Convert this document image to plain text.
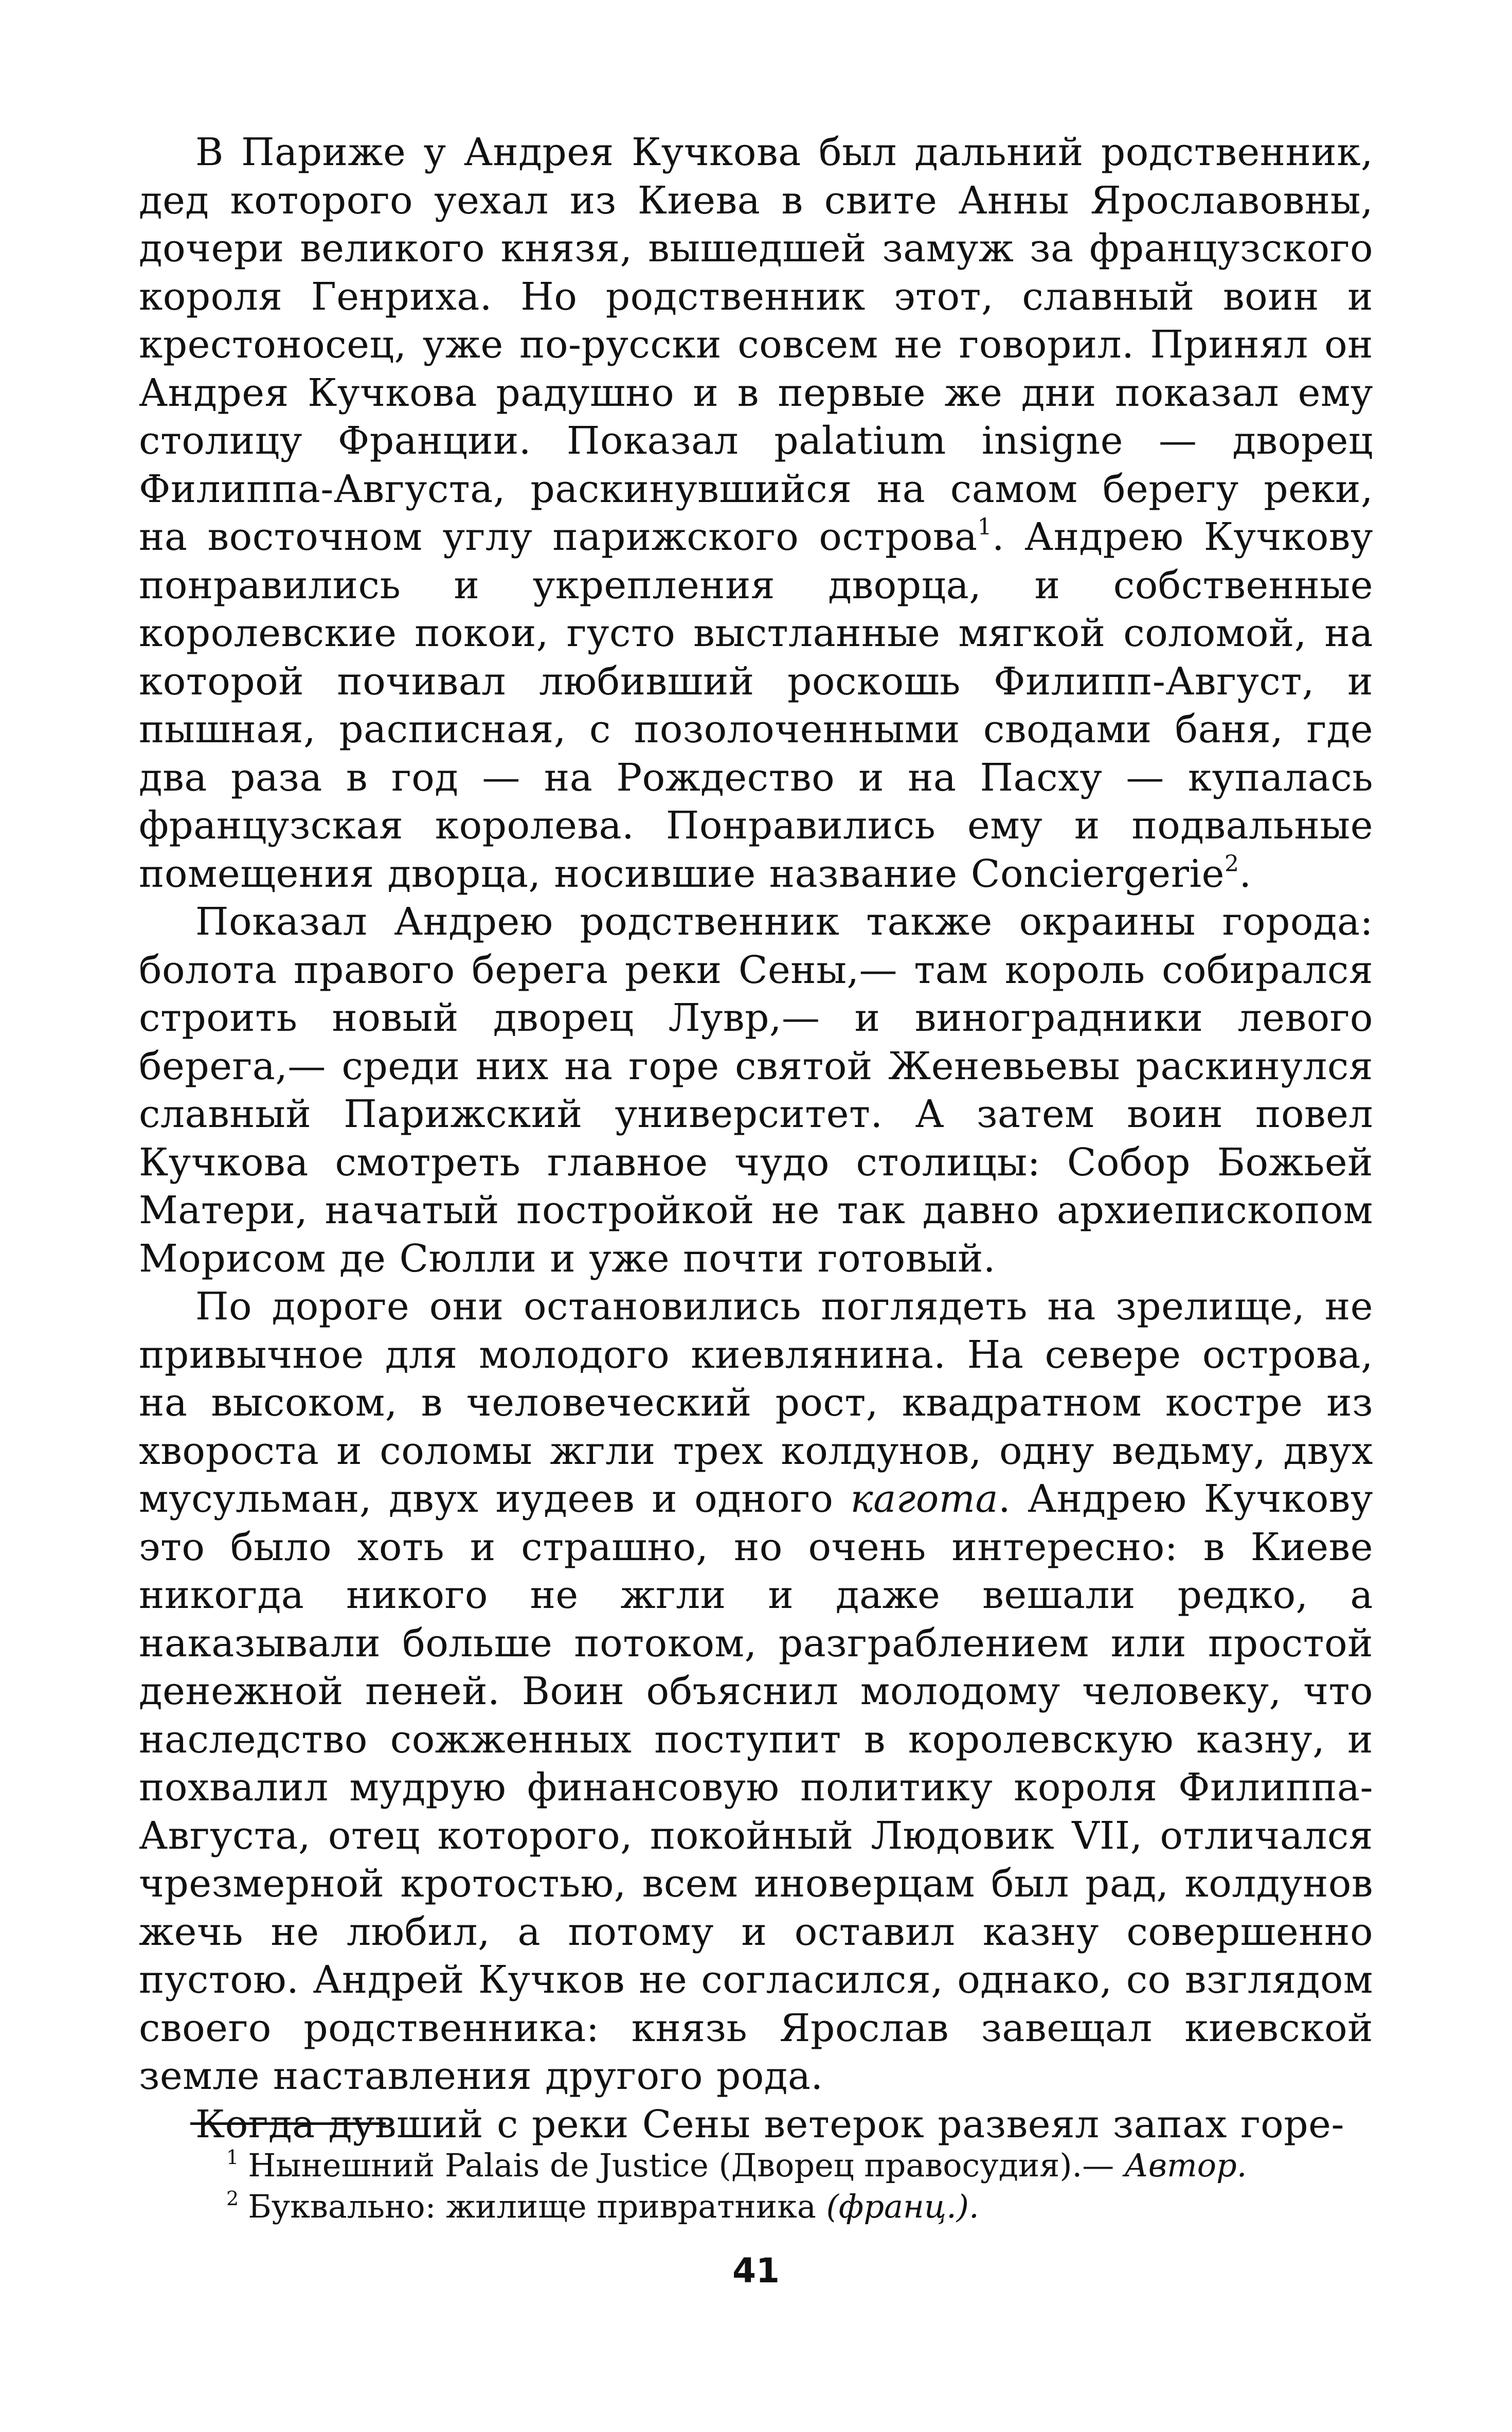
В Париже у Андрея Кучкова был дальний родственник, дед которого уехал из Киева в свите Анны Ярославовны, дочери великого князя, вышедшей замуж за французского короля Генриха. Но родственник этот, славный воин и крестоносец, уже по-русски совсем не говорил. Принял он Андрея Кучкова радушно и в первые же дни показал ему столицу Франции. Показал palatium insigne — дворец Филиппа-Августа, раскинувшийся на самом берегу реки, на восточном углу парижского острова$^1$. Андрею Кучкову понравились и укрепления дворца, и собственные королевские покои, густо выстланные мягкой соломой, на которой почивал любивший роскошь Филипп-Август, и пышная, расписная, с позолоченными сводами баня, где два раза в год — на Рождество и на Пасху — купалась французская королева. Понравились ему и подвальные помещения дворца, носившие название Conciergerie$^2$.

Показал Андрею родственник также окраины города: болота правого берега реки Сены,— там король собирался строить новый дворец Лувр,— и виноградники левого берега,— среди них на горе святой Женевьевы раскинулся славный Парижский университет. А затем воин повел Кучкова смотреть главное чудо столицы: Собор Божьей Матери, начатый постройкой не так давно архиепископом Морисом де Сюлли и уже почти готовый.

По дороге они остановились поглядеть на зрелище, не привычное для молодого киевлянина. На севере острова, на высоком, в человеческий рост, квадратном костре из хвороста и соломы жгли трех колдунов, одну ведьму, двух мусульман, двух иудеев и одного кагота. Андрею Кучкову это было хоть и страшно, но очень интересно: в Киеве никогда никого не жгли и даже вешали редко, а наказывали больше потоком, разграблением или простой денежной пеней. Воин объяснил молодому человеку, что наследство сожженных поступит в королевскую казну, и похвалил мудрую финансовую политику короля Филиппа-Августа, отец которого, покойный Людовик VII, отличался чрезмерной кротостью, всем иноверцам был рад, колдунов жечь не любил, а потому и оставил казну совершенно пустою. Андрей Кучков не согласился, однако, со взглядом своего родственника: князь Ярослав завещал киевской земле наставления другого рода.

Когда дувший с реки Сены ветерок развеял запах горе-

$^1$ Нынешний Palais de Justice (Дворец правосудия).— Автор.

$^2$ Буквально: жилище привратника (франц.).

41
